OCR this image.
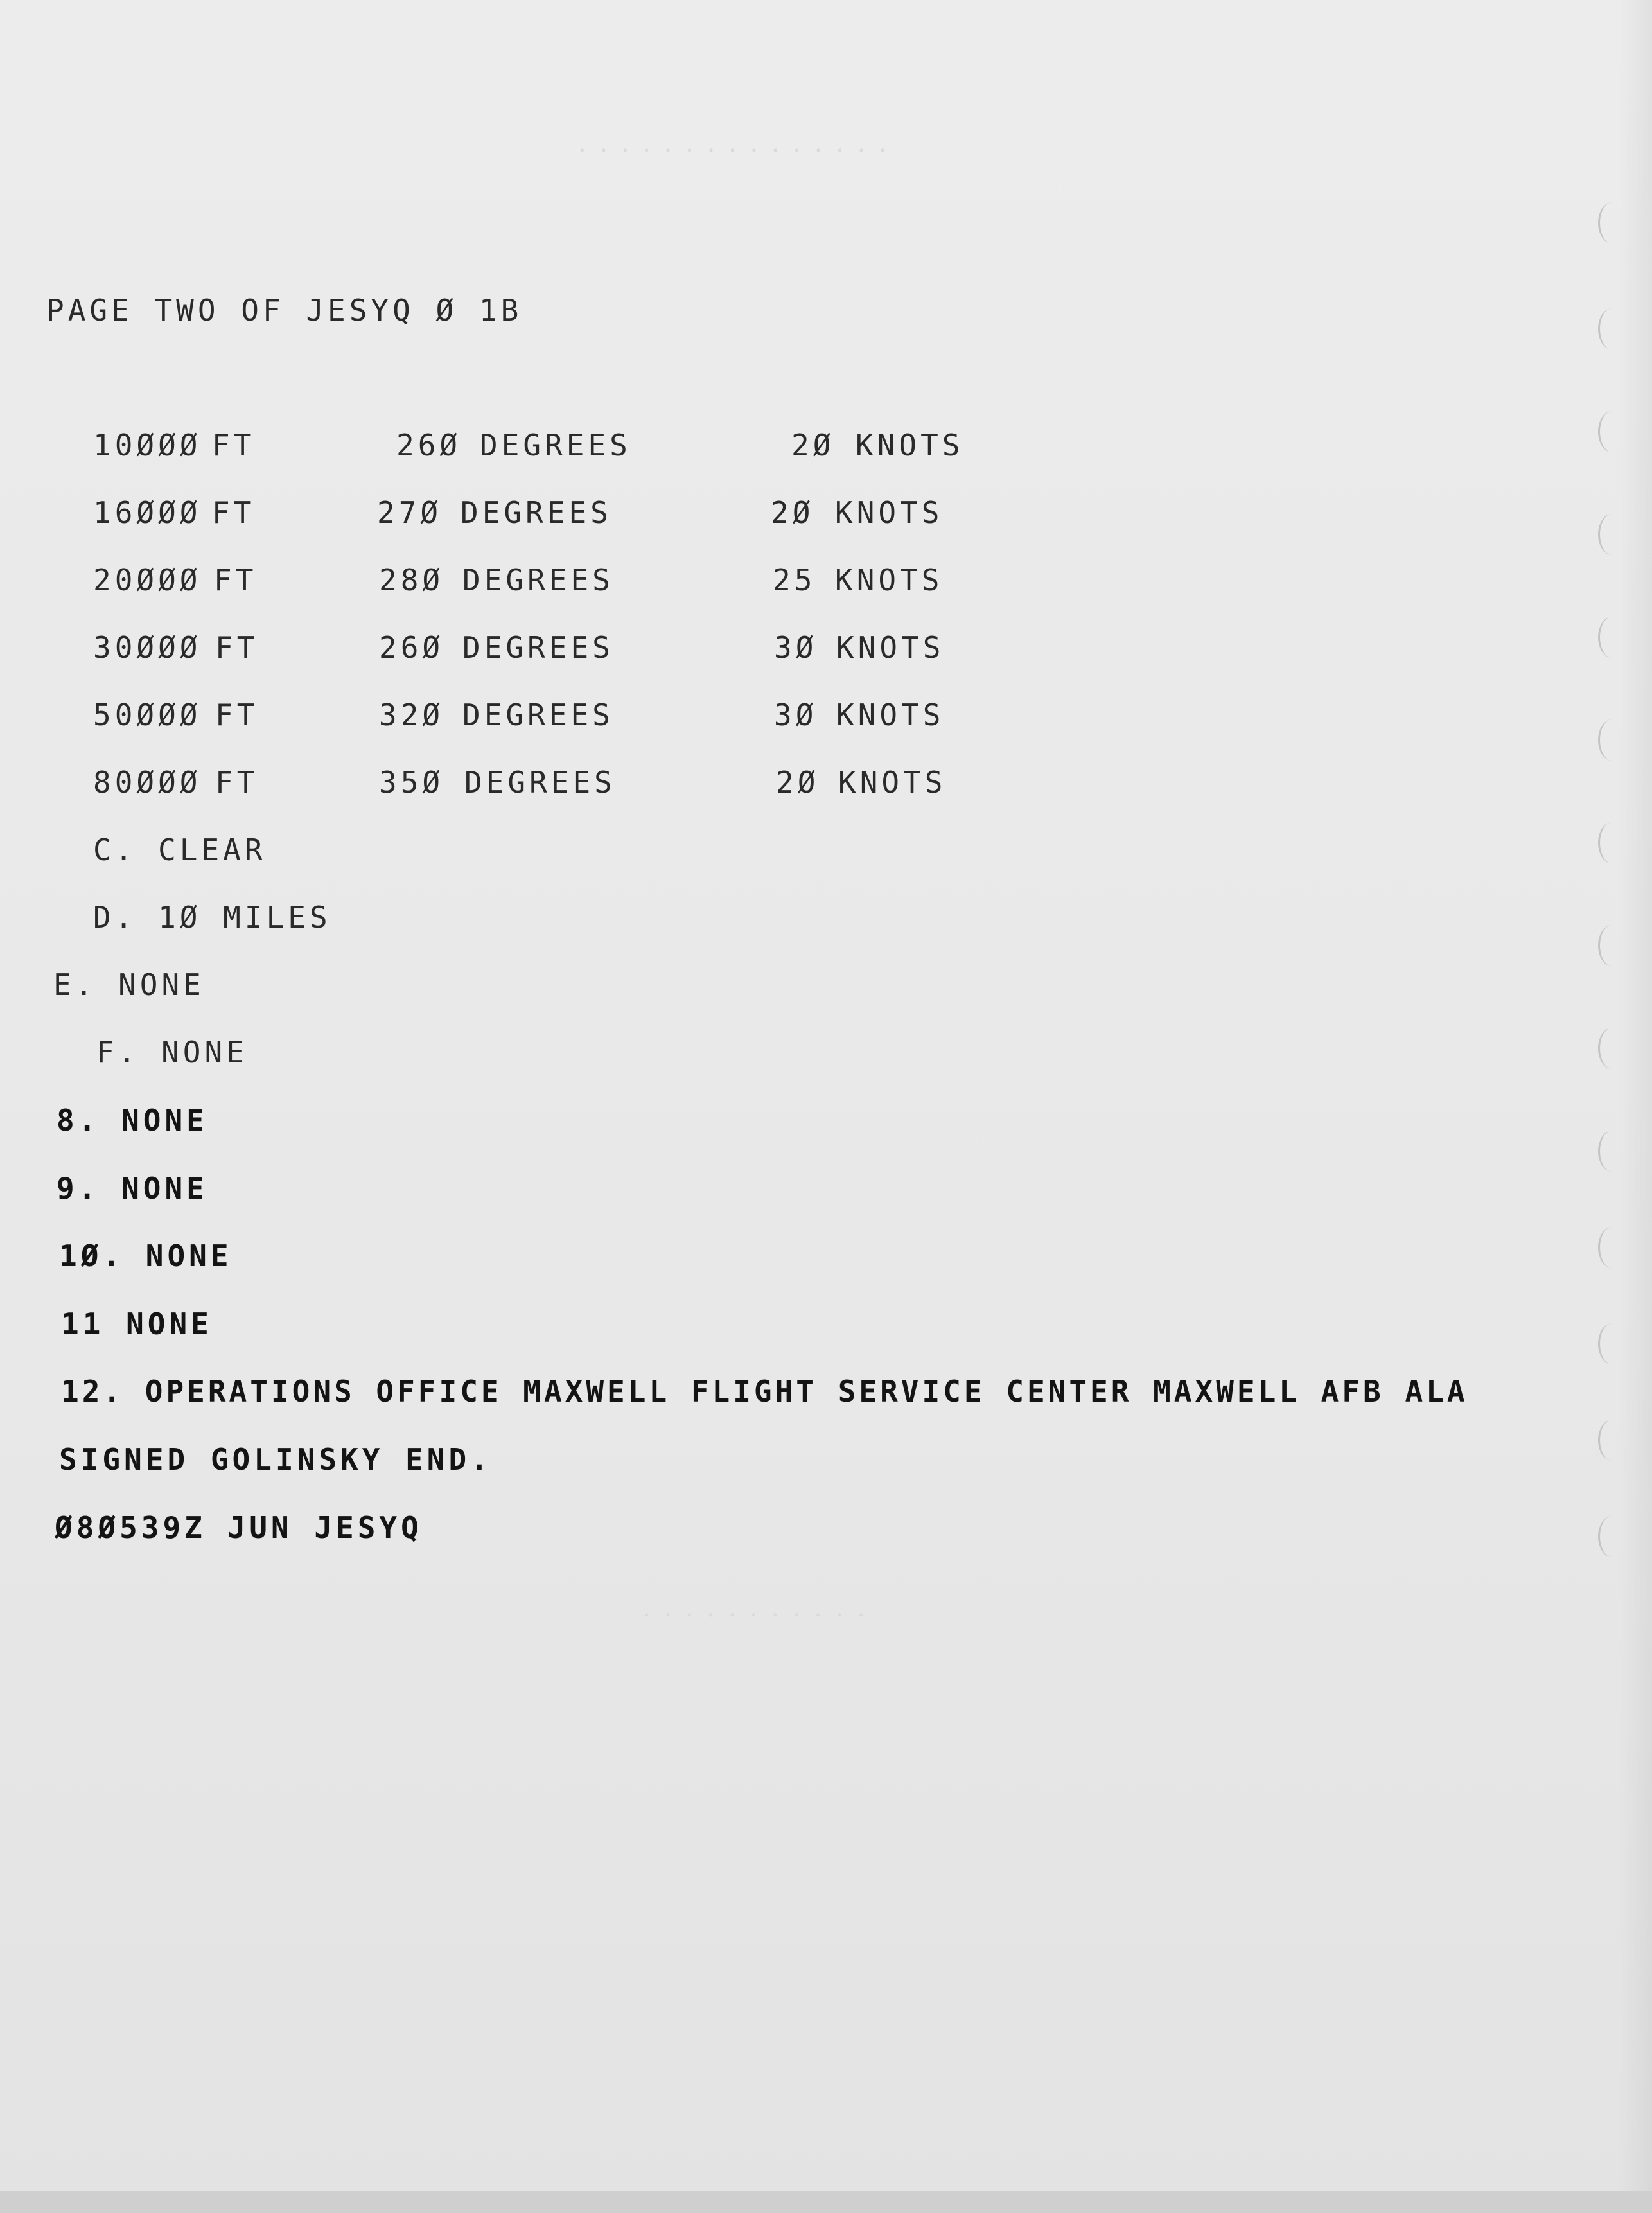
. . . . . . . . . . . . . . .
. . . . . . . . . . .
PAGE TWO OF JESYQ Ø 1B
10ØØØ FT	26Ø DEGREES	2Ø KNOTS
16ØØØ FT	27Ø DEGREES	2Ø KNOTS
20ØØØ FT	28Ø DEGREES	25 KNOTS
30ØØØ FT	26Ø DEGREES	3Ø KNOTS
50ØØØ FT	32Ø DEGREES	3Ø KNOTS
80ØØØ FT	35Ø DEGREES	2Ø KNOTS
C. CLEAR
D. 1Ø MILES
E. NONE
F. NONE
8. NONE
9. NONE
1Ø. NONE
11 NONE
12. OPERATIONS OFFICE MAXWELL FLIGHT SERVICE CENTER MAXWELL AFB ALA
SIGNED GOLINSKY END.
Ø8Ø539Z JUN JESYQ
